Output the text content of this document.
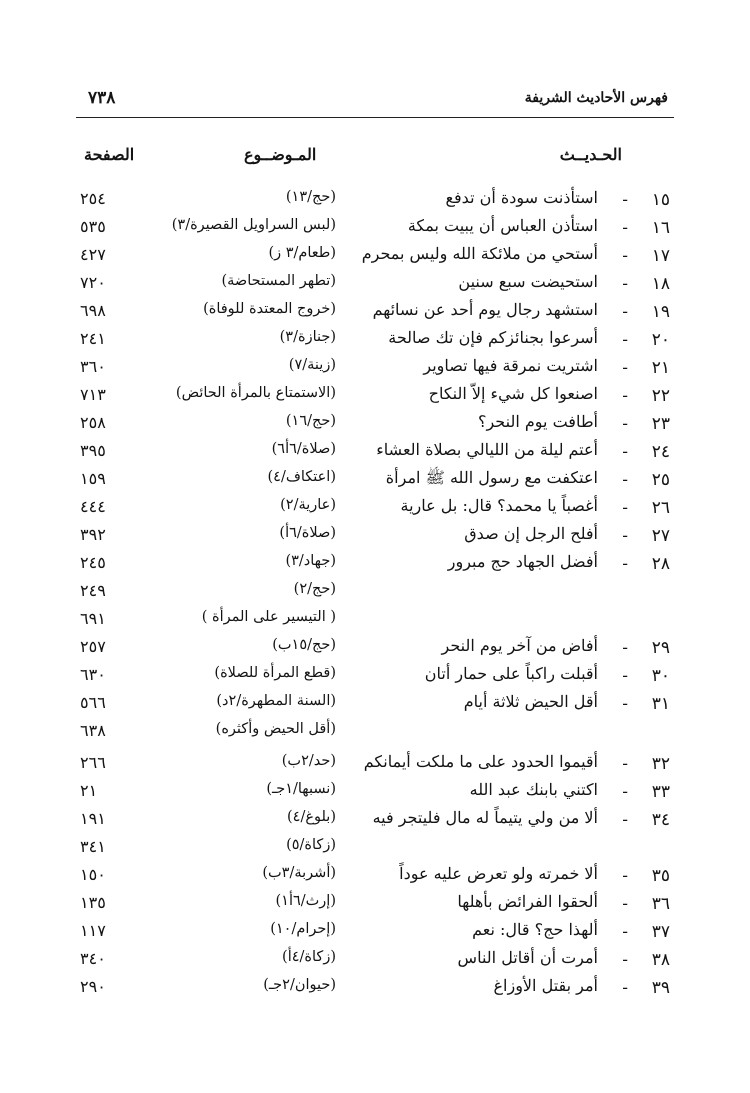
٧٣٨	فهرس الأحاديث الشريفة
الحـديــث
المـوضــوع
الصفحة
١٥
-
استأذنت سودة أن تدفع
(حج/١٣)
٢٥٤
١٦
-
استأذن العباس أن يبيت بمكة
(لبس السراويل القصيرة/٣)
٥٣٥
١٧
-
أستحي من ملائكة الله وليس بمحرم
(طعام/٣ ز)
٤٢٧
١٨
-
استحيضت سبع سنين
(تطهر المستحاضة)
٧٢٠
١٩
-
استشهد رجال يوم أحد عن نسائهم
(خروج المعتدة للوفاة)
٦٩٨
٢٠
-
أسرعوا بجنائزكم فإن تك صالحة
(جنازة/٣)
٢٤١
٢١
-
اشتريت نمرقة فيها تصاوير
(زينة/٧)
٣٦٠
٢٢
-
اصنعوا كل شيء إلاّ النكاح
(الاستمتاع بالمرأة الحائض)
٧١٣
٢٣
-
أطافت يوم النحر؟
(حج/١٦)
٢٥٨
٢٤
-
أعتم ليلة من الليالي بصلاة العشاء
(صلاة/٦أ٦)
٣٩٥
٢٥
-
اعتكفت مع رسول الله ﷺ امرأة
(اعتكاف/٤)
١٥٩
٢٦
-
أغصباً يا محمد؟ قال: بل عارية
(عارية/٢)
٤٤٤
٢٧
-
أفلح الرجل إن صدق
(صلاة/٦أ)
٣٩٢
٢٨
-
أفضل الجهاد حج مبرور
(جهاد/٣)
٢٤٥
(حج/٢)
٢٤٩
( التيسير على المرأة )
٦٩١
٢٩
-
أفاض من آخر يوم النحر
(حج/١٥ب)
٢٥٧
٣٠
-
أقبلت راكباً على حمار أتان
(قطع المرأة للصلاة)
٦٣٠
٣١
-
أقل الحيض ثلاثة أيام
(السنة المطهرة/٢د)
٥٦٦
(أقل الحيض وأكثره)
٦٣٨
٣٢
-
أقيموا الحدود على ما ملكت أيمانكم
(حد/٢ب)
٢٦٦
٣٣
-
اكتني بابنك عبد الله
(نسبها/١جـ)
٢١
٣٤
-
ألا من ولي يتيماً له مال فليتجر فيه
(بلوغ/٤)
١٩١
(زكاة/٥)
٣٤١
٣٥
-
ألا خمرته ولو تعرض عليه عوداً
(أشربة/٣ب)
١٥٠
٣٦
-
ألحقوا الفرائض بأهلها
(إرث/٦أ١)
١٣٥
٣٧
-
ألهذا حج؟ قال: نعم
(إحرام/١٠)
١١٧
٣٨
-
أمرت أن أقاتل الناس
(زكاة/٤أ)
٣٤٠
٣٩
-
أمر بقتل الأوزاغ
(حيوان/٢جـ)
٢٩٠
